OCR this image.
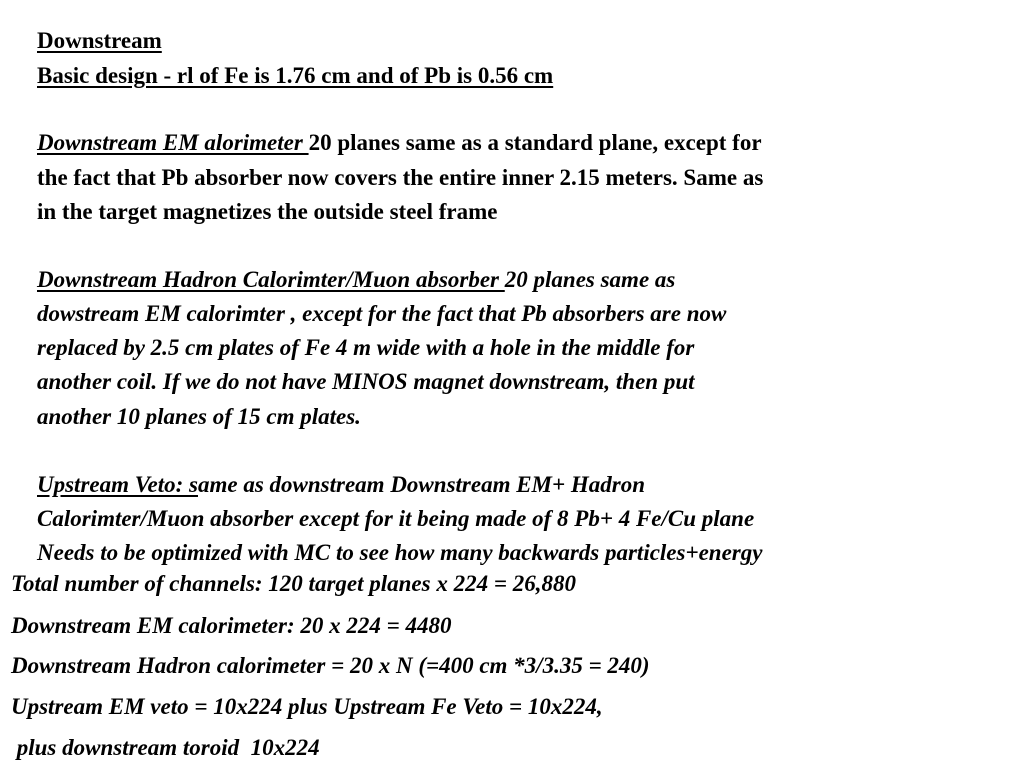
Downstream
Basic design - rl of Fe is 1.76 cm and of Pb is 0.56 cm
Downstream EM alorimeter 20 planes same as a standard plane, except for
the fact that Pb absorber now covers the entire inner 2.15 meters. Same as
in the target magnetizes the outside steel frame
Downstream Hadron Calorimter/Muon absorber 20 planes same as
dowstream EM calorimter , except for the fact that Pb absorbers are now
replaced by 2.5 cm plates of Fe 4 m wide with a hole in the middle for
another coil. If we do not have MINOS magnet downstream, then put
another 10 planes of 15 cm plates.
Upstream Veto: same as downstream Downstream EM+ Hadron
Calorimter/Muon absorber except for it being made of 8 Pb+ 4 Fe/Cu plane
Needs to be optimized with MC to see how many backwards particles+energy
Total number of channels: 120 target planes x 224 = 26,880
Downstream EM calorimeter: 20 x 224 = 4480
Downstream Hadron calorimeter = 20 x N (=400 cm *3/3.35 = 240)
Upstream EM veto = 10x224 plus Upstream Fe Veto = 10x224,
plus downstream toroid  10x224
